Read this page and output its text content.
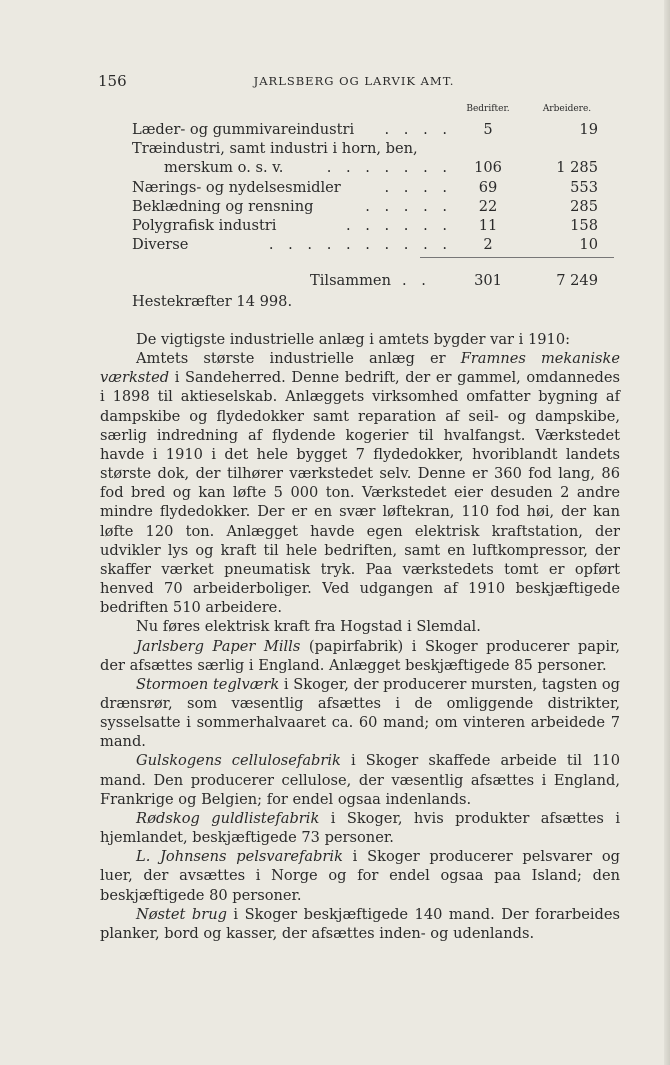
156	JARLSBERG OG LARVIK AMT.
Bedrifter.	Arbeidere.
Læder- og gummivareindustri	. . . .	5	19
Træindustri, samt industri i horn, ben,
merskum o. s. v.	. . . . . . .	106	1 285
Nærings- og nydelsesmidler	. . . .	69	553
Beklædning og rensning	. . . . .	22	285
Polygrafisk industri	. . . . . .	11	158
Diverse	. . . . . . . . . .	2	10
Tilsammen . .	301	7 249
Hestekræfter 14 998.

De vigtigste industrielle anlæg i amtets bygder var i 1910:

Amtets største industrielle anlæg er Framnes mekaniske værksted i Sandeherred. Denne bedrift, der er gammel, omdannedes i 1898 til aktieselskab. Anlæggets virksomhed omfatter bygning af dampskibe og flydedokker samt reparation af seil- og dampskibe, særlig indredning af flydende kogerier til hvalfangst. Værkstedet havde i 1910 i det hele bygget 7 flydedokker, hvoriblandt landets største dok, der tilhører værkstedet selv. Denne er 360 fod lang, 86 fod bred og kan løfte 5 000 ton. Værkstedet eier desuden 2 andre mindre flydedokker. Der er en svær løftekran, 110 fod høi, der kan løfte 120 ton. Anlægget havde egen elektrisk kraftstation, der udvikler lys og kraft til hele bedriften, samt en luftkompressor, der skaffer værket pneumatisk tryk. Paa værkstedets tomt er opført henved 70 arbeiderboliger. Ved udgangen af 1910 beskjæftigede bedriften 510 arbeidere.

Nu føres elektrisk kraft fra Hogstad i Slemdal.

Jarlsberg Paper Mills (papirfabrik) i Skoger producerer papir, der afsættes særlig i England. Anlægget beskjæftigede 85 personer.

Stormoen teglværk i Skoger, der producerer mursten, tagsten og drænsrør, som væsentlig afsættes i de omliggende distrikter, sysselsatte i sommerhalvaaret ca. 60 mand; om vinteren arbeidede 7 mand.

Gulskogens cellulosefabrik i Skoger skaffede arbeide til 110 mand. Den producerer cellulose, der væsentlig afsættes i England, Frankrige og Belgien; for endel ogsaa indenlands.

Rødskog guldlistefabrik i Skoger, hvis produkter afsættes i hjemlandet, beskjæftigede 73 personer.

L. Johnsens pelsvarefabrik i Skoger producerer pelsvarer og luer, der avsættes i Norge og for endel ogsaa paa Island; den beskjæftigede 80 personer.

Nøstet brug i Skoger beskjæftigede 140 mand. Der forarbeides planker, bord og kasser, der afsættes inden- og udenlands.
